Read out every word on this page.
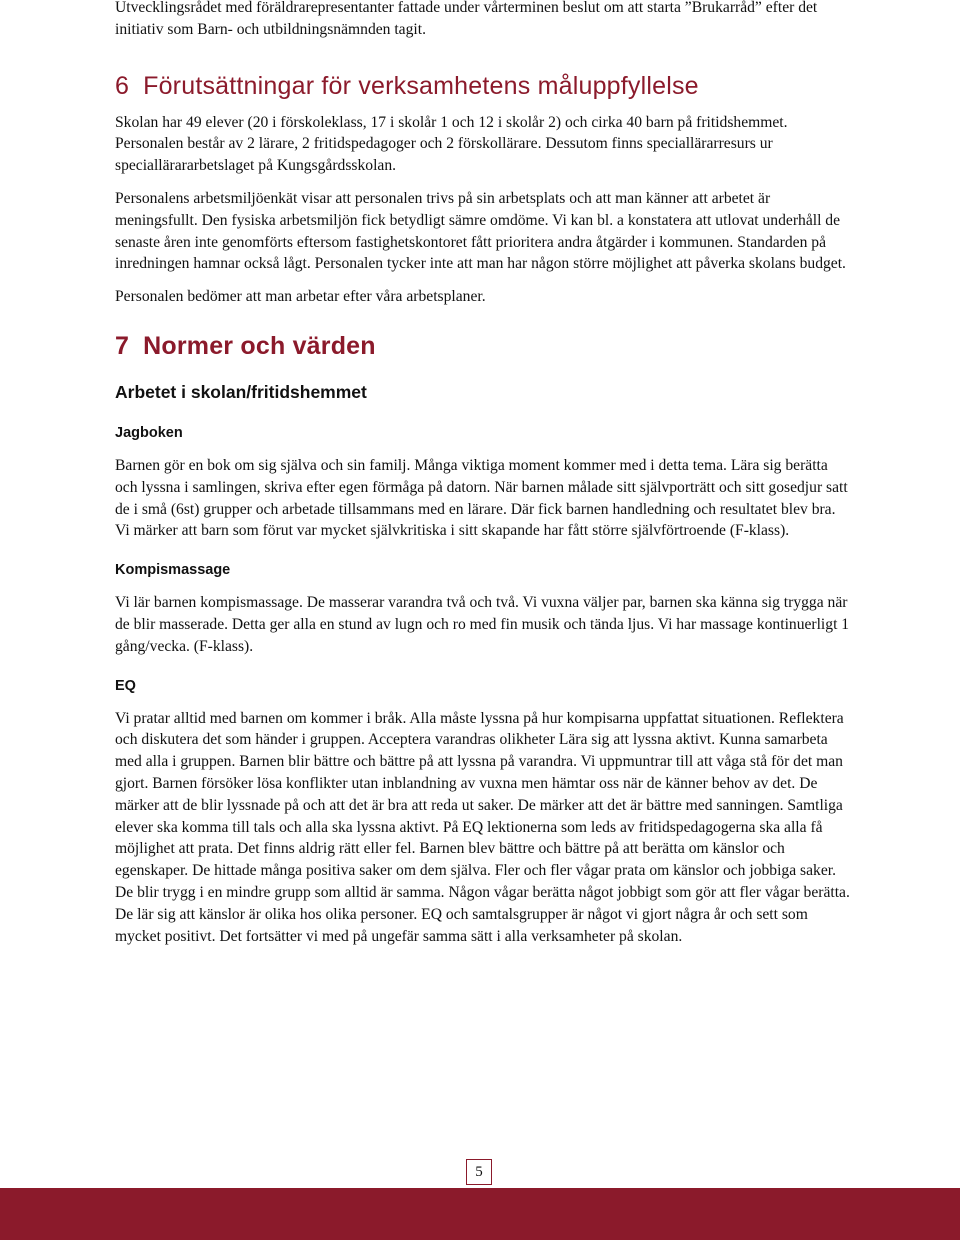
Utvecklingsrådet med föräldrarepresentanter fattade under vårterminen beslut om att starta ”Brukarråd” efter det initiativ som Barn- och utbildningsnämnden tagit.

6 Förutsättningar för verksamhetens måluppfyllelse

Skolan har 49 elever (20 i förskoleklass, 17 i skolår 1 och 12 i skolår 2) och cirka 40 barn på fritidshemmet. Personalen består av 2 lärare, 2 fritidspedagoger och 2 förskollärare. Dessutom finns speciallärarresurs ur speciallärararbetslaget på Kungsgårdsskolan.

Personalens arbetsmiljöenkät visar att personalen trivs på sin arbetsplats och att man känner att arbetet är meningsfullt. Den fysiska arbetsmiljön fick betydligt sämre omdöme. Vi kan bl. a konstatera att utlovat underhåll de senaste åren inte genomförts eftersom fastighetskontoret fått prioritera andra åtgärder i kommunen. Standarden på inredningen hamnar också lågt. Personalen tycker inte att man har någon större möjlighet att påverka skolans budget.

Personalen bedömer att man arbetar efter våra arbetsplaner.

7 Normer och värden
Arbetet i skolan/fritidshemmet
Jagboken

Barnen gör en bok om sig själva och sin familj. Många viktiga moment kommer med i detta tema. Lära sig berätta och lyssna i samlingen, skriva efter egen förmåga på datorn. När barnen målade sitt självporträtt och sitt gosedjur satt de i små (6st) grupper och arbetade tillsammans med en lärare. Där fick barnen handledning och resultatet blev bra. Vi märker att barn som förut var mycket självkritiska i sitt skapande har fått större självförtroende (F-klass).

Kompismassage

Vi lär barnen kompismassage. De masserar varandra två och två. Vi vuxna väljer par, barnen ska känna sig trygga när de blir masserade. Detta ger alla en stund av lugn och ro med fin musik och tända ljus. Vi har massage kontinuerligt 1 gång/vecka. (F-klass).

EQ

Vi pratar alltid med barnen om kommer i bråk. Alla måste lyssna på hur kompisarna uppfattat situationen. Reflektera och diskutera det som händer i gruppen. Acceptera varandras olikheter Lära sig att lyssna aktivt. Kunna samarbeta med alla i gruppen. Barnen blir bättre och bättre på att lyssna på varandra. Vi uppmuntrar till att våga stå för det man gjort. Barnen försöker lösa konflikter utan inblandning av vuxna men hämtar oss när de känner behov av det. De märker att de blir lyssnade på och att det är bra att reda ut saker. De märker att det är bättre med sanningen. Samtliga elever ska komma till tals och alla ska lyssna aktivt. På EQ lektionerna som leds av fritidspedagogerna ska alla få möjlighet att prata. Det finns aldrig rätt eller fel. Barnen blev bättre och bättre på att berätta om känslor och egenskaper. De hittade många positiva saker om dem själva. Fler och fler vågar prata om känslor och jobbiga saker. De blir trygg i en mindre grupp som alltid är samma. Någon vågar berätta något jobbigt som gör att fler vågar berätta. De lär sig att känslor är olika hos olika personer. EQ och samtalsgrupper är något vi gjort några år och sett som mycket positivt. Det fortsätter vi med på ungefär samma sätt i alla verksamheter på skolan.

5
